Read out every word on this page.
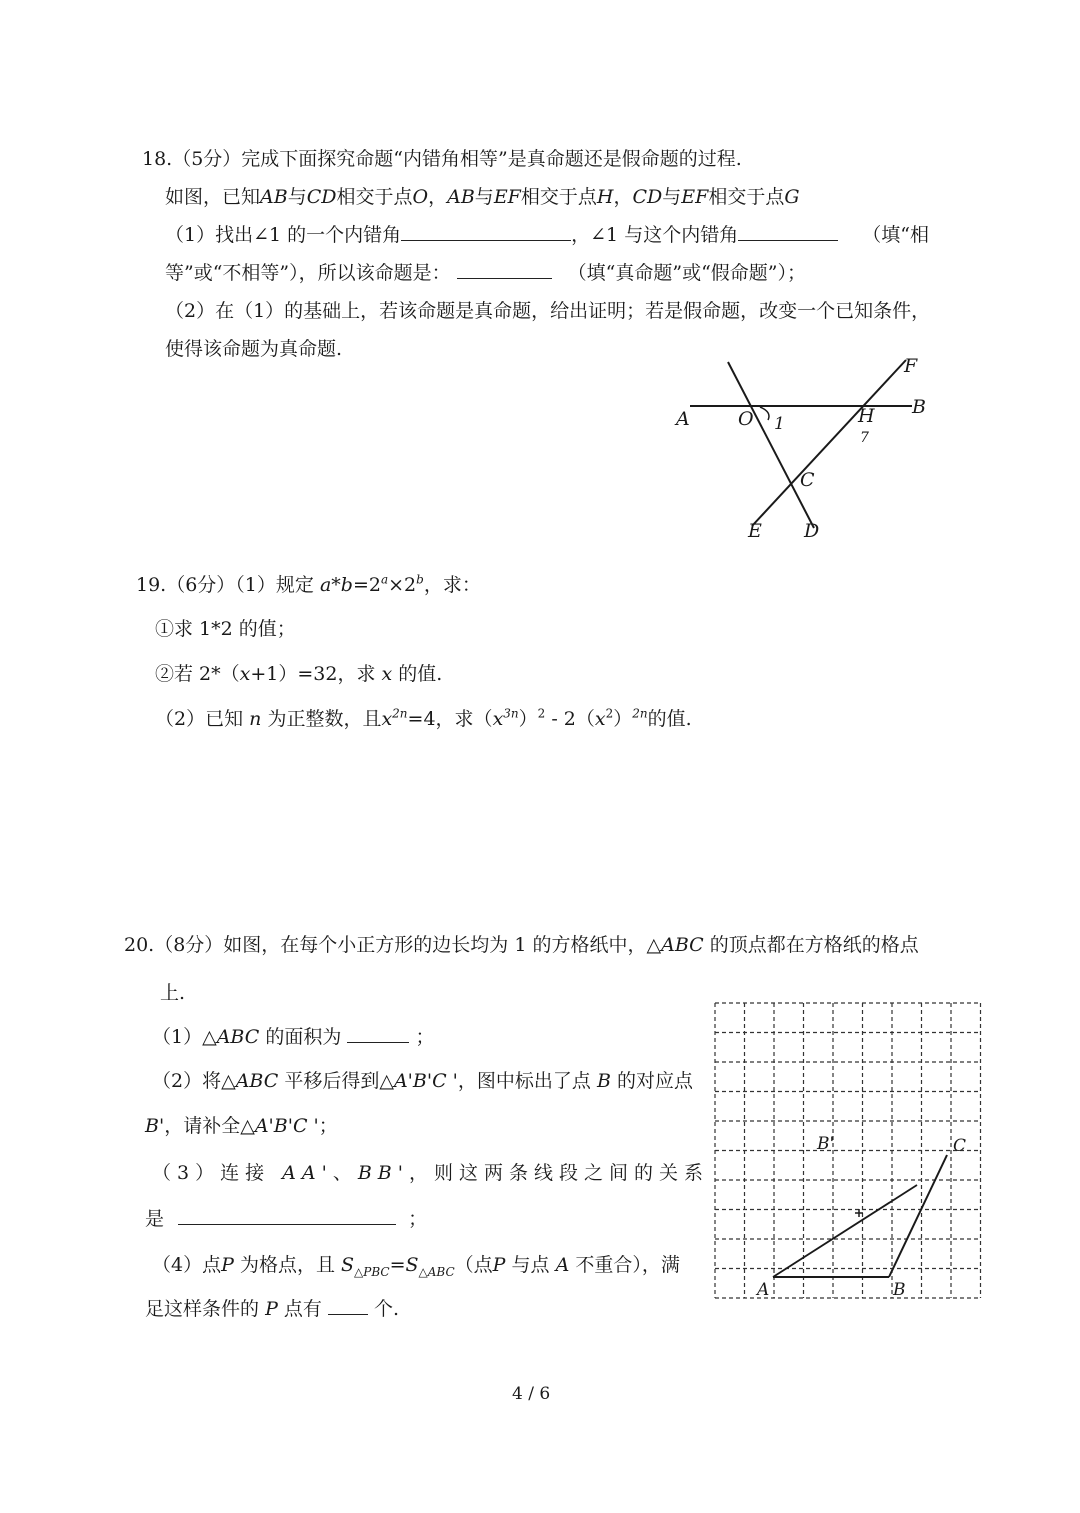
18.（5分）完成下面探究命题“内错角相等”是真命题还是假命题的过程.
如图，已知AB与CD相交于点O，AB与EF相交于点H，CD与EF相交于点G
（1）找出∠1 的一个内错角	，∠1 与这个内错角	（填“相
等”或“不相等”），所以该命题是：	（填“真命题”或“假命题”）；
（2）在（1）的基础上，若该命题是真命题，给出证明；若是假命题，改变一个已知条件，
使得该命题为真命题.
A	O 1	H B
F
C
E D
7
19.（6分）（1）规定 $a*b=2^a\times 2^b$，求：
①求 1*2 的值；
②若 2*（x+1）=32，求 x 的值.
（2）已知 n 为正整数，且$x^{2n}=4$，求$(x^{3n})^2 - 2(x^2)^{2n}$的值.
20.（8分）如图，在每个小正方形的边长均为 1 的方格纸中，△ABC 的顶点都在方格纸的格点
上.
（1）△ABC 的面积为	；
（2）将△ABC 平移后得到△A'B'C '，图中标出了点 B 的对应点
B'，请补全△A'B'C '；
（3）连接 AA'、BB'，则这两条线段之间的关系
是	；
（4）点P 为格点，且 $S_{\triangle PBC}=S_{\triangle ABC}$（点P 与点 A 不重合），满
足这样条件的 P 点有	个.
A	B
C
B'
4 / 6
